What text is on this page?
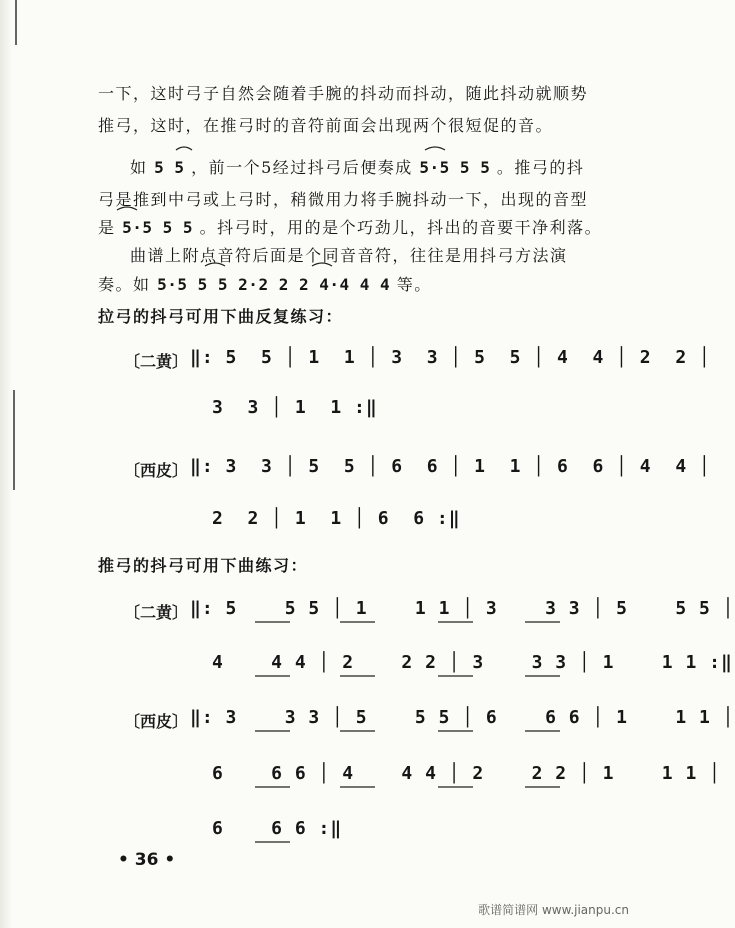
一下，这时弓子自然会随着手腕的抖动而抖动，随此抖动就顺势
推弓，这时，在推弓时的音符前面会出现两个很短促的音。
如 5 5 ，前一个5经过抖弓后便奏成 5·5 5 5 。推弓的抖
弓是推到中弓或上弓时，稍微用力将手腕抖动一下，出现的音型
是 5·5 5 5 。抖弓时，用的是个巧劲儿，抖出的音要干净利落。
曲谱上附点音符后面是个同音音符，往往是用抖弓方法演
奏。如 5·5 5 5 2·2 2 2 4·4 4 4 等。
拉弓的抖弓可用下曲反复练习：
〔二黄〕 ‖: 5  5 │ 1  1 │ 3  3 │ 5  5 │ 4  4 │ 2  2 │
3  3 │ 1  1 :‖
〔西皮〕 ‖: 3  3 │ 5  5 │ 6  6 │ 1  1 │ 6  6 │ 4  4 │
2  2 │ 1  1 │ 6  6 :‖
推弓的抖弓可用下曲练习：
〔二黄〕 ‖: 5    5 5 │ 1    1 1 │ 3    3 3 │ 5    5 5 │
4    4 4 │ 2    2 2 │ 3    3 3 │ 1    1 1 :‖
〔西皮〕 ‖: 3    3 3 │ 5    5 5 │ 6    6 6 │ 1    1 1 │
6    6 6 │ 4    4 4 │ 2    2 2 │ 1    1 1 │
6    6 6 :‖
• 36 •
歌谱简谱网 www.jianpu.cn
